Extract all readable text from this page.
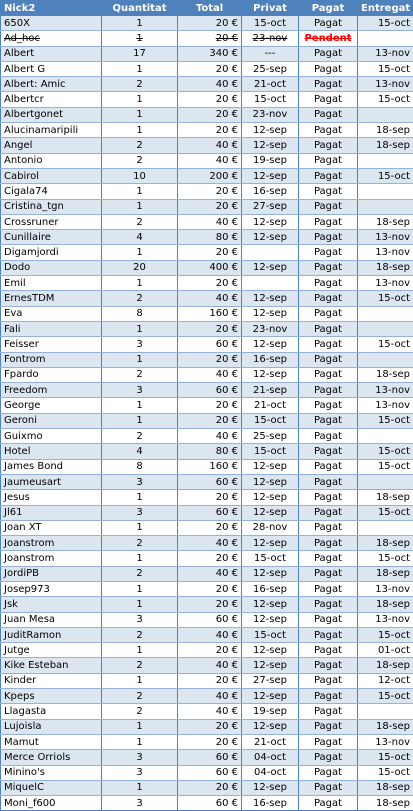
Nick2	Quantitat	Total	Privat	Pagat	Entregat
650X	1	20 €	15-oct	Pagat	15-oct
Ad_hoc	1	20 €	23-nov	Pendent	
Albert	17	340 €	---	Pagat	13-nov
Albert G	1	20 €	25-sep	Pagat	15-oct
Albert: Amic	2	40 €	21-oct	Pagat	13-nov
Albertcr	1	20 €	15-oct	Pagat	15-oct
Albertgonet	1	20 €	23-nov	Pagat	
Alucinamaripili	1	20 €	12-sep	Pagat	18-sep
Angel	2	40 €	12-sep	Pagat	18-sep
Antonio	2	40 €	19-sep	Pagat	
Cabirol	10	200 €	12-sep	Pagat	15-oct
Cigala74	1	20 €	16-sep	Pagat	
Cristina_tgn	1	20 €	27-sep	Pagat	
Crossruner	2	40 €	12-sep	Pagat	18-sep
Cunillaire	4	80 €	12-sep	Pagat	13-nov
Digamjordi	1	20 €		Pagat	13-nov
Dodo	20	400 €	12-sep	Pagat	18-sep
Emil	1	20 €		Pagat	13-nov
ErnesTDM	2	40 €	12-sep	Pagat	15-oct
Eva	8	160 €	12-sep	Pagat	
Fali	1	20 €	23-nov	Pagat	
Feisser	3	60 €	12-sep	Pagat	15-oct
Fontrom	1	20 €	16-sep	Pagat	
Fpardo	2	40 €	12-sep	Pagat	18-sep
Freedom	3	60 €	21-sep	Pagat	13-nov
George	1	20 €	21-oct	Pagat	13-nov
Geroni	1	20 €	15-oct	Pagat	15-oct
Guixmo	2	40 €	25-sep	Pagat	
Hotel	4	80 €	15-oct	Pagat	15-oct
James Bond	8	160 €	12-sep	Pagat	15-oct
Jaumeusart	3	60 €	12-sep	Pagat	
Jesus	1	20 €	12-sep	Pagat	18-sep
Jl61	3	60 €	12-sep	Pagat	15-oct
Joan XT	1	20 €	28-nov	Pagat	
Joanstrom	2	40 €	12-sep	Pagat	18-sep
Joanstrom	1	20 €	15-oct	Pagat	15-oct
JordiPB	2	40 €	12-sep	Pagat	18-sep
Josep973	1	20 €	16-sep	Pagat	13-nov
Jsk	1	20 €	12-sep	Pagat	18-sep
Juan Mesa	3	60 €	12-sep	Pagat	13-nov
JuditRamon	2	40 €	15-oct	Pagat	15-oct
Jutge	1	20 €	12-sep	Pagat	01-oct
Kike Esteban	2	40 €	12-sep	Pagat	18-sep
Kinder	1	20 €	27-sep	Pagat	12-oct
Kpeps	2	40 €	12-sep	Pagat	15-oct
Llagasta	2	40 €	19-sep	Pagat	
Lujoisla	1	20 €	12-sep	Pagat	18-sep
Mamut	1	20 €	21-oct	Pagat	13-nov
Merce Orriols	3	60 €	04-oct	Pagat	15-oct
Minino's	3	60 €	04-oct	Pagat	15-oct
MiquelC	1	20 €	12-sep	Pagat	18-sep
Moni_f600	3	60 €	16-sep	Pagat	18-sep
